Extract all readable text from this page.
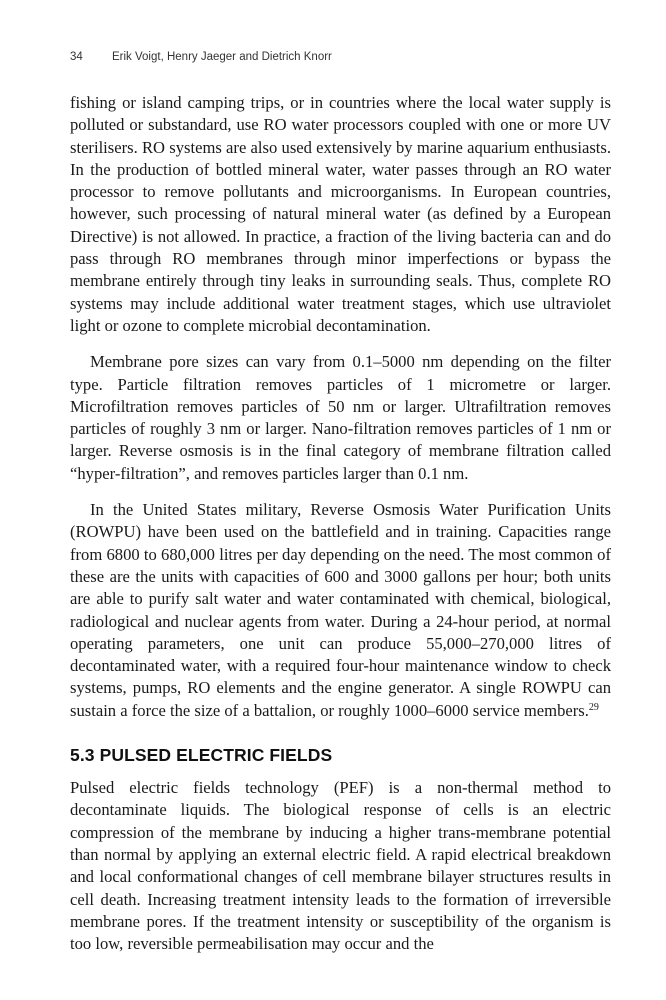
34	Erik Voigt, Henry Jaeger and Dietrich Knorr

fishing or island camping trips, or in countries where the local water supply is polluted or substandard, use RO water processors coupled with one or more UV sterilisers. RO systems are also used extensively by marine aquarium enthusiasts. In the production of bottled mineral water, water passes through an RO water processor to remove pollutants and microorganisms. In European countries, however, such processing of natural mineral water (as defined by a European Directive) is not allowed. In practice, a fraction of the living bacteria can and do pass through RO membranes through minor imperfections or bypass the membrane entirely through tiny leaks in surrounding seals. Thus, complete RO systems may include additional water treatment stages, which use ultraviolet light or ozone to complete microbial decontamination.

Membrane pore sizes can vary from 0.1–5000 nm depending on the filter type. Particle filtration removes particles of 1 micrometre or larger. Microfiltration removes particles of 50 nm or larger. Ultrafiltration removes particles of roughly 3 nm or larger. Nano-filtration removes particles of 1 nm or larger. Reverse osmosis is in the final category of membrane filtration called “hyper-filtration”, and removes particles larger than 0.1 nm.

In the United States military, Reverse Osmosis Water Purification Units (ROWPU) have been used on the battlefield and in training. Capacities range from 6800 to 680,000 litres per day depending on the need. The most common of these are the units with capacities of 600 and 3000 gallons per hour; both units are able to purify salt water and water contaminated with chemical, biological, radiological and nuclear agents from water. During a 24-hour period, at normal operating parameters, one unit can produce 55,000–270,000 litres of decontaminated water, with a required four-hour maintenance window to check systems, pumps, RO elements and the engine generator. A single ROWPU can sustain a force the size of a battalion, or roughly 1000–6000 service members.$^{29}$

5.3 PULSED ELECTRIC FIELDS

Pulsed electric fields technology (PEF) is a non-thermal method to decontaminate liquids. The biological response of cells is an electric compression of the membrane by inducing a higher trans-membrane potential than normal by applying an external electric field. A rapid electrical breakdown and local conformational changes of cell membrane bilayer structures results in cell death. Increasing treatment intensity leads to the formation of irreversible membrane pores. If the treatment intensity or susceptibility of the organism is too low, reversible permeabilisation may occur and the
